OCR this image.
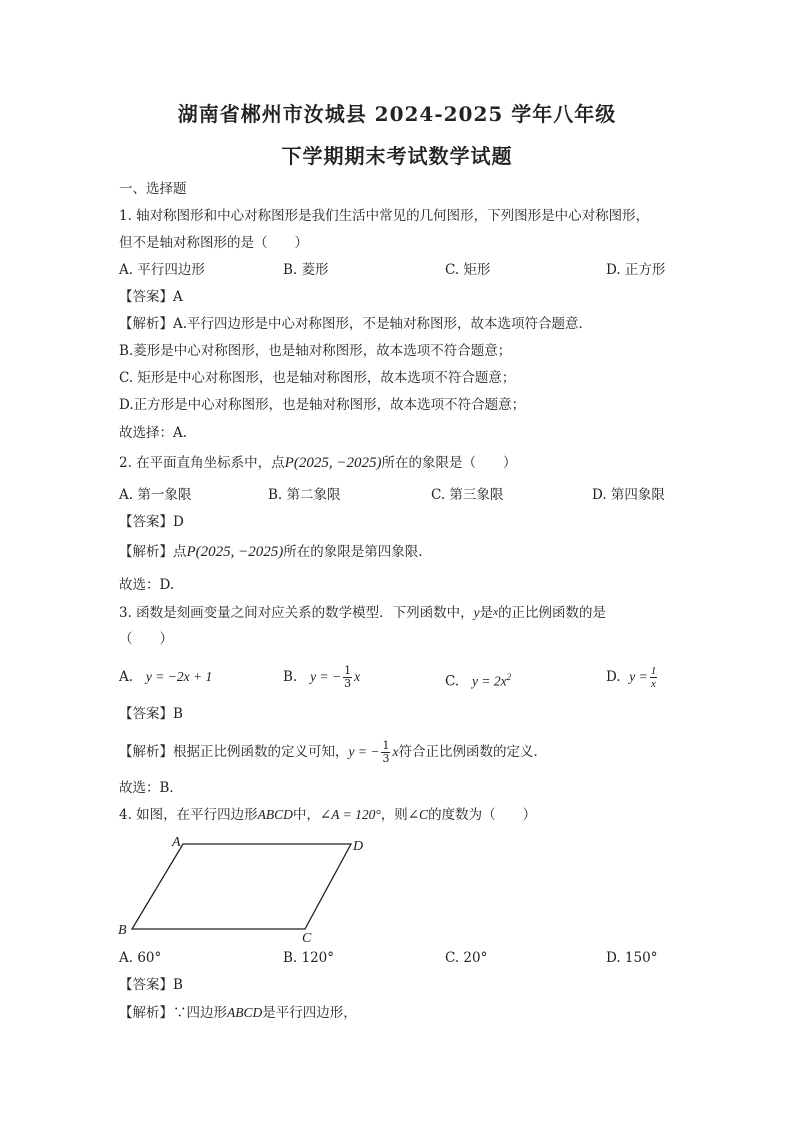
湖南省郴州市汝城县 2024-2025 学年八年级
下学期期末考试数学试题
一、选择题
1. 轴对称图形和中心对称图形是我们生活中常见的几何图形，下列图形是中心对称图形，
但不是轴对称图形的是（　　）
A. 平行四边形	B. 菱形	C. 矩形	D. 正方形
【答案】A
【解析】A.平行四边形是中心对称图形，不是轴对称图形，故本选项符合题意．
B.菱形是中心对称图形，也是轴对称图形，故本选项不符合题意；
C. 矩形是中心对称图形，也是轴对称图形，故本选项不符合题意；
D.正方形是中心对称图形，也是轴对称图形，故本选项不符合题意；
故选择：A.
2. 在平面直角坐标系中，点P(2025, −2025)所在的象限是（　　）
A. 第一象限	B. 第二象限	C. 第三象限	D. 第四象限
【答案】D
【解析】点P(2025, −2025)所在的象限是第四象限.
故选：D.
3. 函数是刻画变量之间对应关系的数学模型．下列函数中，y是x的正比例函数的是
（　　）
A. y = −2x + 1	B. y = − $\frac{1}{3}$ x	C. $y = 2x^2$	D. $y = \frac{1}{x}$
【答案】B
【解析】根据正比例函数的定义可知，y = − $\frac{1}{3}$ x符合正比例函数的定义．
故选：B．
4. 如图，在平行四边形ABCD中，∠A = 120°，则∠C的度数为（　　）
A	D
B
C
A. 60°	B. 120°	C. 20°	D. 150°
【答案】B
【解析】∵四边形ABCD是平行四边形，
